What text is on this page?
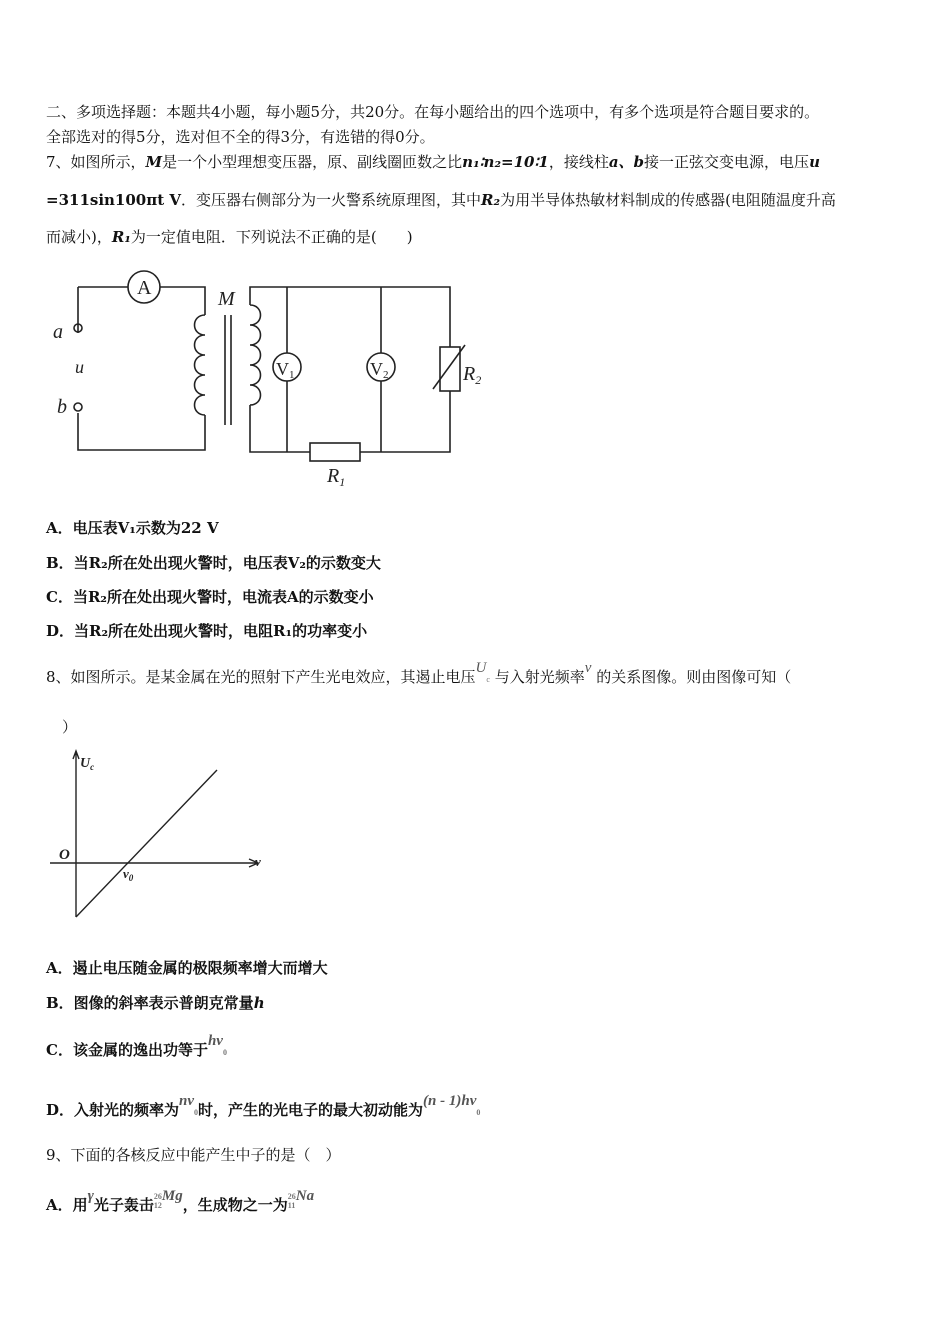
二、多项选择题：本题共4小题，每小题5分，共20分。在每小题给出的四个选项中，有多个选项是符合题目要求的。
全部选对的得5分，选对但不全的得3分，有选错的得0分。
7、如图所示，M是一个小型理想变压器，原、副线圈匝数之比n₁∶n₂=10∶1，接线柱a、b接一正弦交变电源，电压u
=311sin100πt V．变压器右侧部分为一火警系统原理图，其中R₂为用半导体热敏材料制成的传感器(电阻随温度升高
而减小)，R₁为一定值电阻．下列说法不正确的是(　　)
A	M
a
u
b
V1	V2	$R_2$
$R_1$
A．电压表V₁示数为22 V
B．当R₂所在处出现火警时，电压表V₂的示数变大
C．当R₂所在处出现火警时，电流表A的示数变小
D．当R₂所在处出现火警时，电阻R₁的功率变小
8、如图所示。是某金属在光的照射下产生光电效应，其遏止电压Uc 与入射光频率ν 的关系图像。则由图像可知（
）
$U_c$
O
$\nu_0$
ν
A．遏止电压随金属的极限频率增大而增大
B．图像的斜率表示普朗克常量h
C．该金属的逸出功等于hν0
D．入射光的频率为nν0时，产生的光电子的最大初动能为(n - 1)hν0
9、下面的各核反应中能产生中子的是（　）
A．用γ光子轰击26
12Mg，生成物之一为26
11Na
